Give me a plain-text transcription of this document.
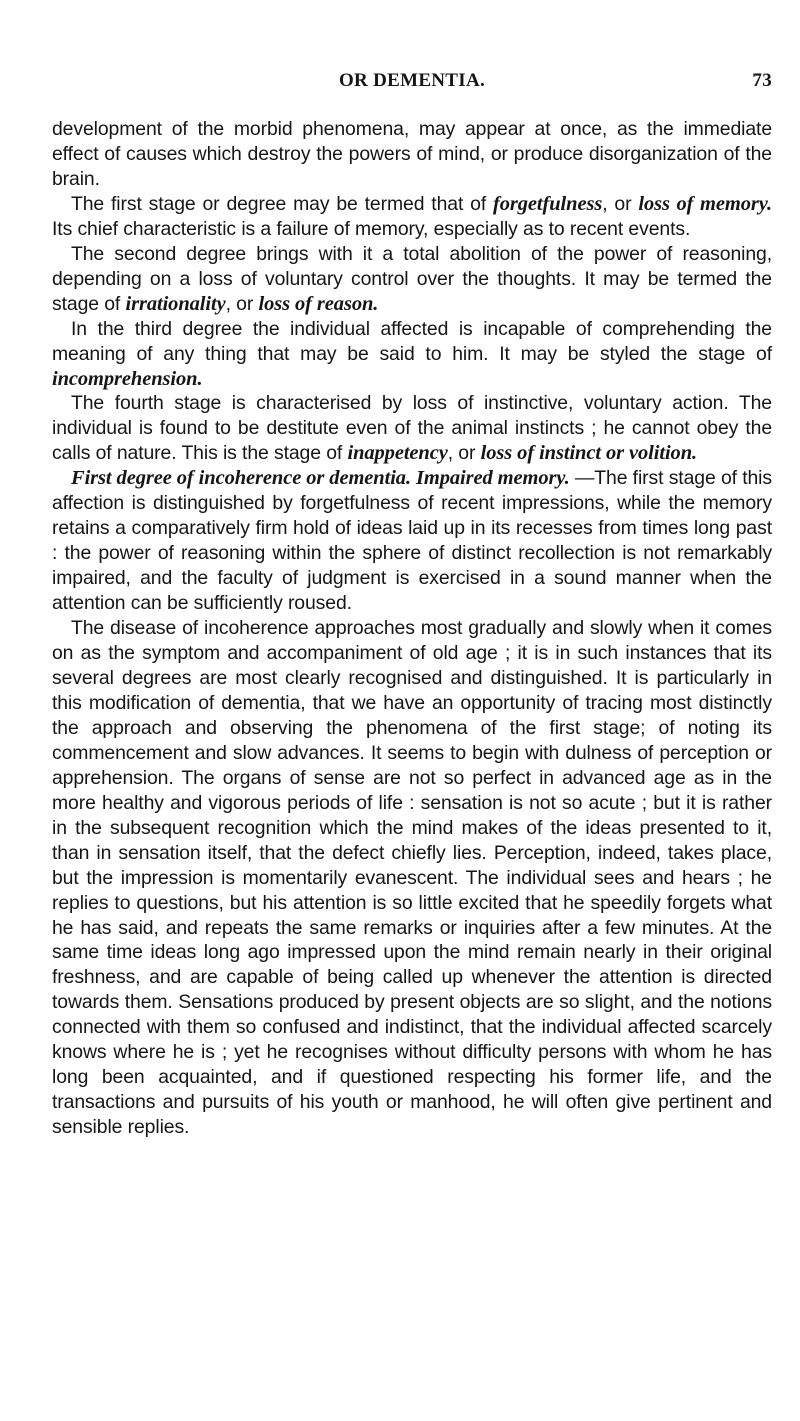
OR DEMENTIA.	73

development of the morbid phenomena, may appear at once, as the immediate effect of causes which destroy the powers of mind, or produce disorganization of the brain.

The first stage or degree may be termed that of forgetfulness, or loss of memory. Its chief characteristic is a failure of memory, especially as to recent events.

The second degree brings with it a total abolition of the power of reasoning, depending on a loss of voluntary control over the thoughts. It may be termed the stage of irrationality, or loss of reason.

In the third degree the individual affected is incapable of comprehending the meaning of any thing that may be said to him. It may be styled the stage of incomprehension.

The fourth stage is characterised by loss of instinctive, voluntary action. The individual is found to be destitute even of the animal instincts ; he cannot obey the calls of nature. This is the stage of inappetency, or loss of instinct or volition.

First degree of incoherence or dementia. Impaired memory. —The first stage of this affection is distinguished by forgetfulness of recent impressions, while the memory retains a comparatively firm hold of ideas laid up in its recesses from times long past : the power of reasoning within the sphere of distinct recollection is not remarkably impaired, and the faculty of judgment is exercised in a sound manner when the attention can be sufficiently roused.

The disease of incoherence approaches most gradually and slowly when it comes on as the symptom and accompaniment of old age ; it is in such instances that its several degrees are most clearly recognised and distinguished. It is particularly in this modification of dementia, that we have an opportunity of tracing most distinctly the approach and observing the phenomena of the first stage; of noting its commencement and slow advances. It seems to begin with dulness of perception or apprehension. The organs of sense are not so perfect in advanced age as in the more healthy and vigorous periods of life : sensation is not so acute ; but it is rather in the subsequent recognition which the mind makes of the ideas presented to it, than in sensation itself, that the defect chiefly lies. Perception, indeed, takes place, but the impression is momentarily evanescent. The individual sees and hears ; he replies to questions, but his attention is so little excited that he speedily forgets what he has said, and repeats the same remarks or inquiries after a few minutes. At the same time ideas long ago impressed upon the mind remain nearly in their original freshness, and are capable of being called up whenever the attention is directed towards them. Sensations produced by present objects are so slight, and the notions connected with them so confused and indistinct, that the individual affected scarcely knows where he is ; yet he recognises without difficulty persons with whom he has long been acquainted, and if questioned respecting his former life, and the transactions and pursuits of his youth or manhood, he will often give pertinent and sensible replies.
